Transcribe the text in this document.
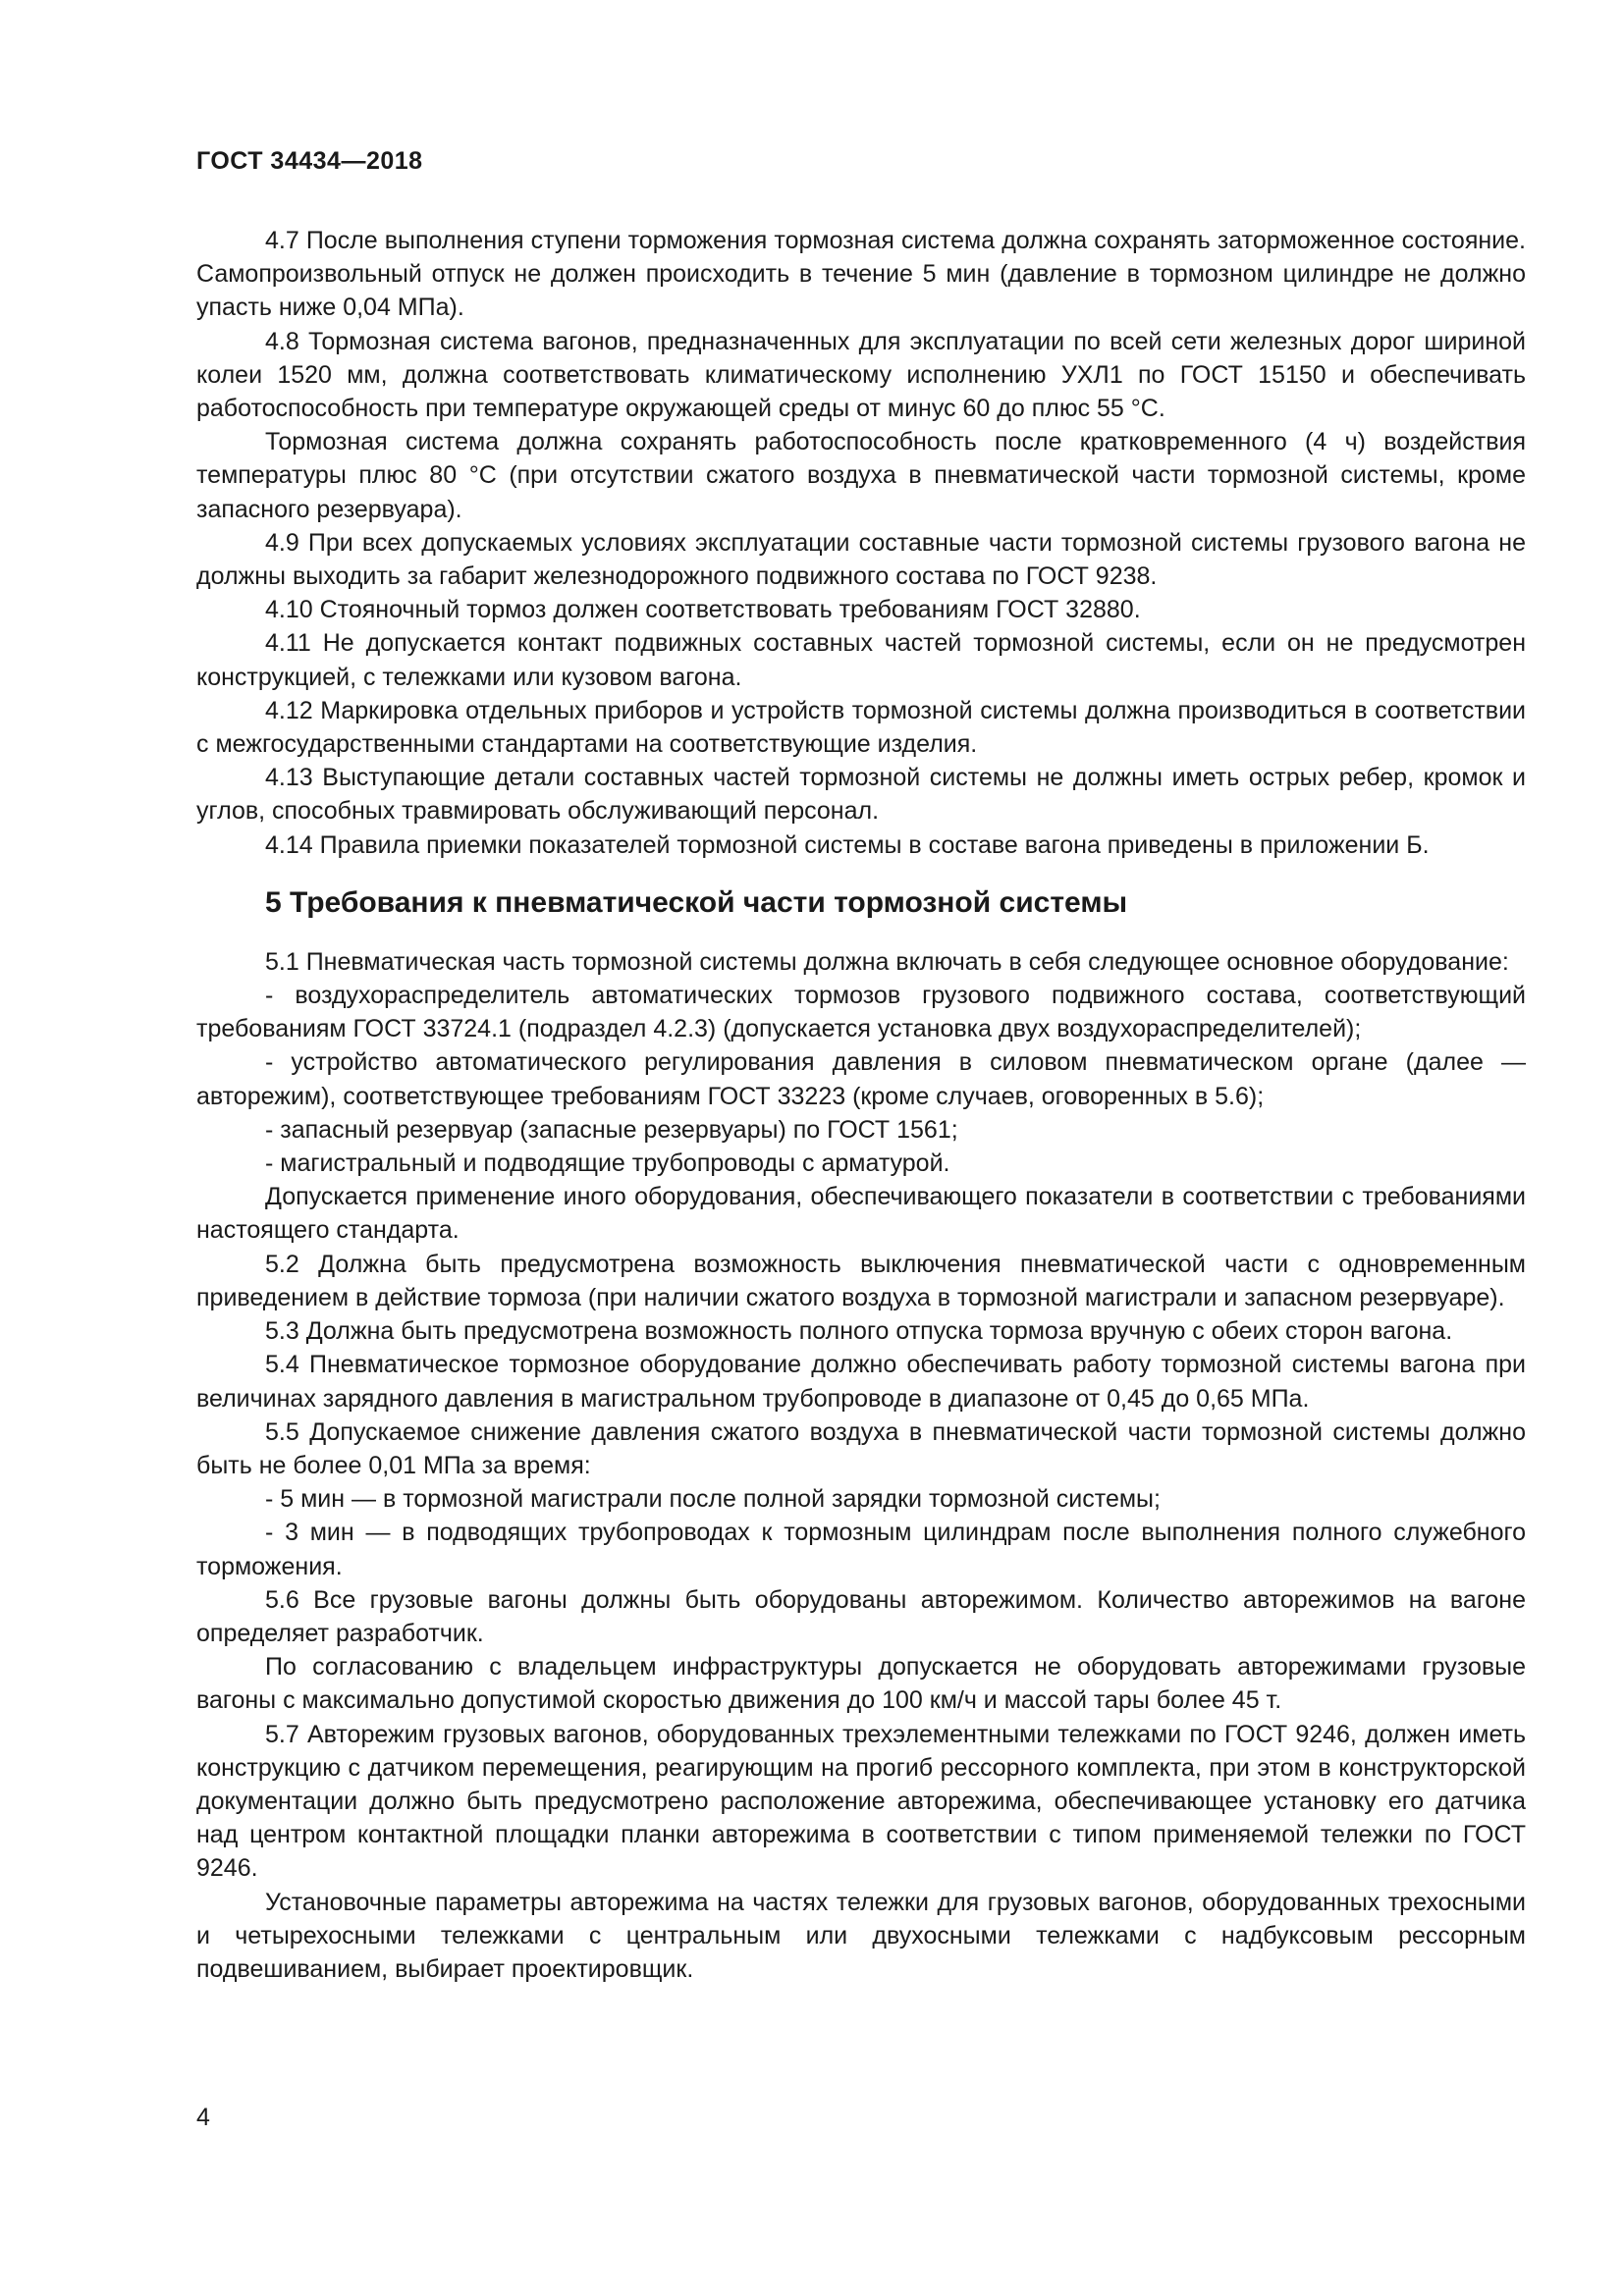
ГОСТ 34434—2018

4.7 После выполнения ступени торможения тормозная система должна сохранять заторможенное состояние. Самопроизвольный отпуск не должен происходить в течение 5 мин (давление в тормозном цилиндре не должно упасть ниже 0,04 МПа).

4.8 Тормозная система вагонов, предназначенных для эксплуатации по всей сети железных дорог шириной колеи 1520 мм, должна соответствовать климатическому исполнению УХЛ1 по ГОСТ 15150 и обеспечивать работоспособность при температуре окружающей среды от минус 60 до плюс 55 °С.

Тормозная система должна сохранять работоспособность после кратковременного (4 ч) воздействия температуры плюс 80 °С (при отсутствии сжатого воздуха в пневматической части тормозной системы, кроме запасного резервуара).

4.9 При всех допускаемых условиях эксплуатации составные части тормозной системы грузового вагона не должны выходить за габарит железнодорожного подвижного состава по ГОСТ 9238.

4.10 Стояночный тормоз должен соответствовать требованиям ГОСТ 32880.

4.11 Не допускается контакт подвижных составных частей тормозной системы, если он не предусмотрен конструкцией, с тележками или кузовом вагона.

4.12 Маркировка отдельных приборов и устройств тормозной системы должна производиться в соответствии с межгосударственными стандартами на соответствующие изделия.

4.13 Выступающие детали составных частей тормозной системы не должны иметь острых ребер, кромок и углов, способных травмировать обслуживающий персонал.

4.14 Правила приемки показателей тормозной системы в составе вагона приведены в приложении Б.

5 Требования к пневматической части тормозной системы

5.1 Пневматическая часть тормозной системы должна включать в себя следующее основное оборудование:

- воздухораспределитель автоматических тормозов грузового подвижного состава, соответствующий требованиям ГОСТ 33724.1 (подраздел 4.2.3) (допускается установка двух воздухораспределителей);

- устройство автоматического регулирования давления в силовом пневматическом органе (далее — авторежим), соответствующее требованиям ГОСТ 33223 (кроме случаев, оговоренных в 5.6);

- запасный резервуар (запасные резервуары) по ГОСТ 1561;

- магистральный и подводящие трубопроводы с арматурой.

Допускается применение иного оборудования, обеспечивающего показатели в соответствии с требованиями настоящего стандарта.

5.2 Должна быть предусмотрена возможность выключения пневматической части с одновременным приведением в действие тормоза (при наличии сжатого воздуха в тормозной магистрали и запасном резервуаре).

5.3 Должна быть предусмотрена возможность полного отпуска тормоза вручную с обеих сторон вагона.

5.4 Пневматическое тормозное оборудование должно обеспечивать работу тормозной системы вагона при величинах зарядного давления в магистральном трубопроводе в диапазоне от 0,45 до 0,65 МПа.

5.5 Допускаемое снижение давления сжатого воздуха в пневматической части тормозной системы должно быть не более 0,01 МПа за время:

- 5 мин — в тормозной магистрали после полной зарядки тормозной системы;

- 3 мин — в подводящих трубопроводах к тормозным цилиндрам после выполнения полного служебного торможения.

5.6 Все грузовые вагоны должны быть оборудованы авторежимом. Количество авторежимов на вагоне определяет разработчик.

По согласованию с владельцем инфраструктуры допускается не оборудовать авторежимами грузовые вагоны с максимально допустимой скоростью движения до 100 км/ч и массой тары более 45 т.

5.7 Авторежим грузовых вагонов, оборудованных трехэлементными тележками по ГОСТ 9246, должен иметь конструкцию с датчиком перемещения, реагирующим на прогиб рессорного комплекта, при этом в конструкторской документации должно быть предусмотрено расположение авторежима, обеспечивающее установку его датчика над центром контактной площадки планки авторежима в соответствии с типом применяемой тележки по ГОСТ 9246.

Установочные параметры авторежима на частях тележки для грузовых вагонов, оборудованных трехосными и четырехосными тележками с центральным или двухосными тележками с надбуксовым рессорным подвешиванием, выбирает проектировщик.

4
